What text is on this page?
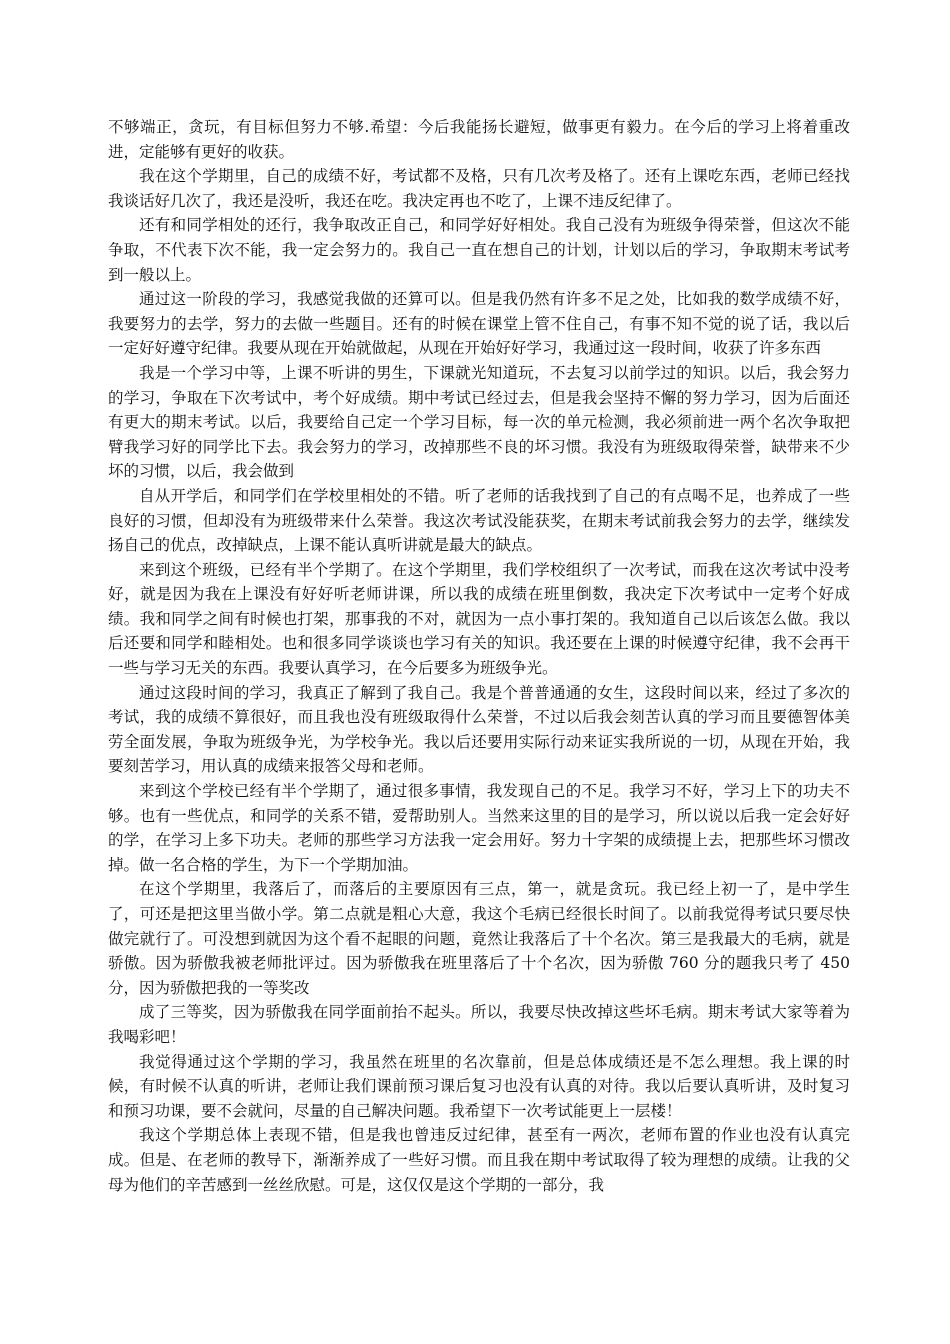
不够端正，贪玩，有目标但努力不够.希望：今后我能扬长避短，做事更有毅力。在今后的学习上将着重改进，定能够有更好的收获。

我在这个学期里，自己的成绩不好，考试都不及格，只有几次考及格了。还有上课吃东西，老师已经找我谈话好几次了，我还是没听，我还在吃。我决定再也不吃了，上课不违反纪律了。

还有和同学相处的还行，我争取改正自己，和同学好好相处。我自己没有为班级争得荣誉，但这次不能争取，不代表下次不能，我一定会努力的。我自己一直在想自己的计划，计划以后的学习，争取期末考试考到一般以上。

通过这一阶段的学习，我感觉我做的还算可以。但是我仍然有许多不足之处，比如我的数学成绩不好，我要努力的去学，努力的去做一些题目。还有的时候在课堂上管不住自己，有事不知不觉的说了话，我以后一定好好遵守纪律。我要从现在开始就做起，从现在开始好好学习，我通过这一段时间，收获了许多东西

我是一个学习中等，上课不听讲的男生，下课就光知道玩，不去复习以前学过的知识。以后，我会努力的学习，争取在下次考试中，考个好成绩。期中考试已经过去，但是我会坚持不懈的努力学习，因为后面还有更大的期末考试。以后，我要给自己定一个学习目标，每一次的单元检测，我必须前进一两个名次争取把臂我学习好的同学比下去。我会努力的学习，改掉那些不良的坏习惯。我没有为班级取得荣誉，缺带来不少坏的习惯，以后，我会做到

自从开学后，和同学们在学校里相处的不错。听了老师的话我找到了自己的有点喝不足，也养成了一些良好的习惯，但却没有为班级带来什么荣誉。我这次考试没能获奖，在期末考试前我会努力的去学，继续发扬自己的优点，改掉缺点，上课不能认真听讲就是最大的缺点。

来到这个班级，已经有半个学期了。在这个学期里，我们学校组织了一次考试，而我在这次考试中没考好，就是因为我在上课没有好好听老师讲课，所以我的成绩在班里倒数，我决定下次考试中一定考个好成绩。我和同学之间有时候也打架，那事我的不对，就因为一点小事打架的。我知道自己以后该怎么做。我以后还要和同学和睦相处。也和很多同学谈谈也学习有关的知识。我还要在上课的时候遵守纪律，我不会再干一些与学习无关的东西。我要认真学习，在今后要多为班级争光。

通过这段时间的学习，我真正了解到了我自己。我是个普普通通的女生，这段时间以来，经过了多次的考试，我的成绩不算很好，而且我也没有班级取得什么荣誉，不过以后我会刻苦认真的学习而且要德智体美劳全面发展，争取为班级争光，为学校争光。我以后还要用实际行动来证实我所说的一切，从现在开始，我要刻苦学习，用认真的成绩来报答父母和老师。

来到这个学校已经有半个学期了，通过很多事情，我发现自己的不足。我学习不好，学习上下的功夫不够。也有一些优点，和同学的关系不错，爱帮助别人。当然来这里的目的是学习，所以说以后我一定会好好的学，在学习上多下功夫。老师的那些学习方法我一定会用好。努力十字架的成绩提上去，把那些坏习惯改掉。做一名合格的学生，为下一个学期加油。

在这个学期里，我落后了，而落后的主要原因有三点，第一，就是贪玩。我已经上初一了，是中学生了，可还是把这里当做小学。第二点就是粗心大意，我这个毛病已经很长时间了。以前我觉得考试只要尽快做完就行了。可没想到就因为这个看不起眼的问题，竟然让我落后了十个名次。第三是我最大的毛病，就是骄傲。因为骄傲我被老师批评过。因为骄傲我在班里落后了十个名次，因为骄傲 760 分的题我只考了 450 分，因为骄傲把我的一等奖改

成了三等奖，因为骄傲我在同学面前抬不起头。所以，我要尽快改掉这些坏毛病。期末考试大家等着为我喝彩吧！

我觉得通过这个学期的学习，我虽然在班里的名次靠前，但是总体成绩还是不怎么理想。我上课的时候，有时候不认真的听讲，老师让我们课前预习课后复习也没有认真的对待。我以后要认真听讲，及时复习和预习功课，要不会就问，尽量的自己解决问题。我希望下一次考试能更上一层楼！

我这个学期总体上表现不错，但是我也曾违反过纪律，甚至有一两次，老师布置的作业也没有认真完成。但是、在老师的教导下，渐渐养成了一些好习惯。而且我在期中考试取得了较为理想的成绩。让我的父母为他们的辛苦感到一丝丝欣慰。可是，这仅仅是这个学期的一部分，我
